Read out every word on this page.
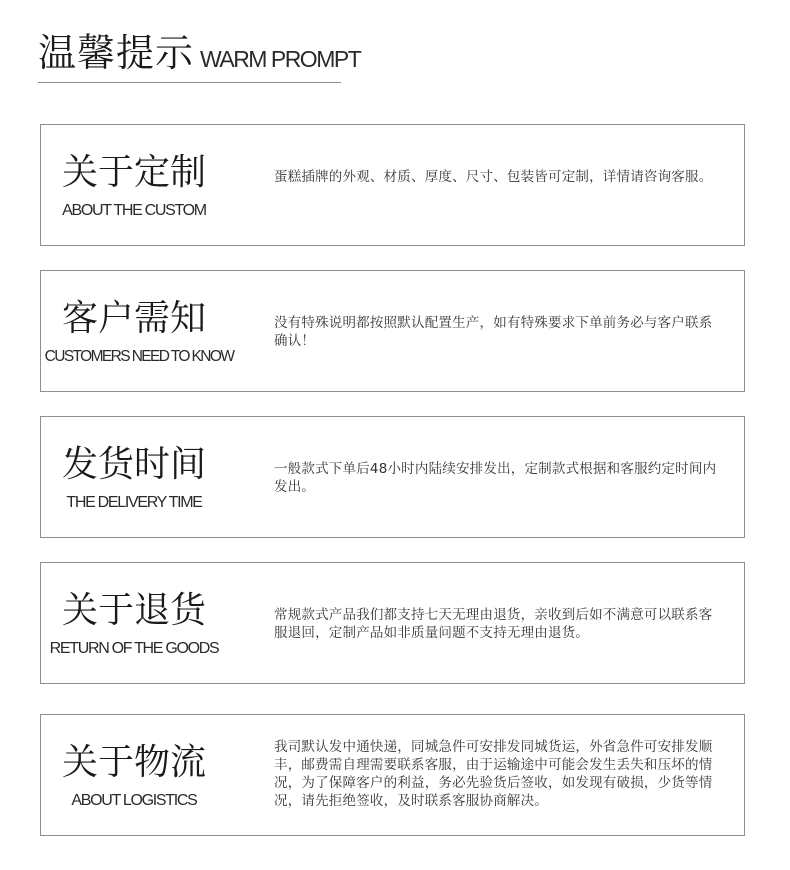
温馨提示 WARM PROMPT
关于定制
ABOUT THE CUSTOM
蛋糕插牌的外观、材质、厚度、尺寸、包装皆可定制，详情请咨询客服。
客户需知
CUSTOMERS NEED TO KNOW
没有特殊说明都按照默认配置生产，如有特殊要求下单前务必与客户联系确认！
发货时间
THE DELIVERY TIME
一般款式下单后48小时内陆续安排发出，定制款式根据和客服约定时间内发出。
关于退货
RETURN OF THE GOODS
常规款式产品我们都支持七天无理由退货，亲收到后如不满意可以联系客服退回，定制产品如非质量问题不支持无理由退货。
关于物流
ABOUT LOGISTICS
我司默认发中通快递，同城急件可安排发同城货运，外省急件可安排发顺丰，邮费需自理需要联系客服，由于运输途中可能会发生丢失和压坏的情况，为了保障客户的利益，务必先验货后签收，如发现有破损，少货等情况，请先拒绝签收，及时联系客服协商解决。
